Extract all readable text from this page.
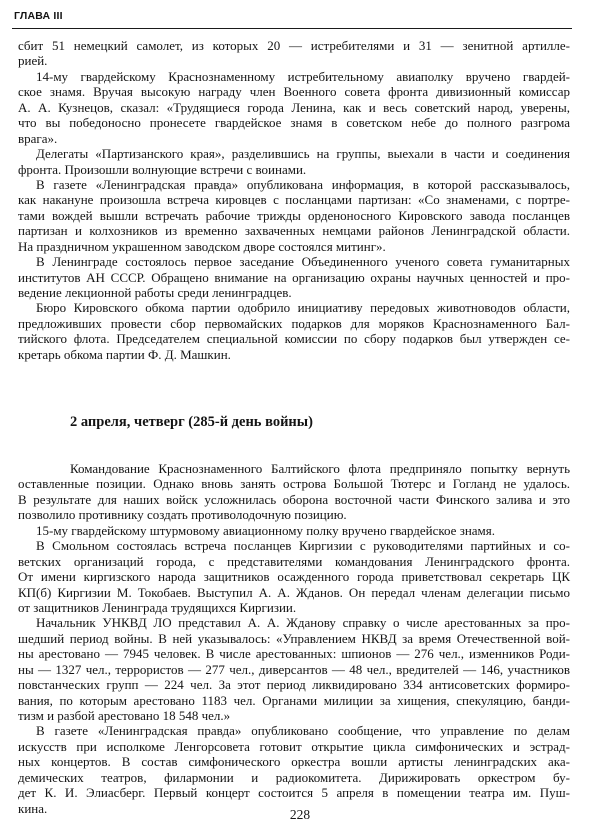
ГЛАВА III
сбит 51 немецкий самолет, из которых 20 — истребителями и 31 — зенитной артилле-
рией.
14-му гвардейскому Краснознаменному истребительному авиаполку вручено гвардей-
ское знамя. Вручая высокую награду член Военного совета фронта дивизионный комиссар
А. А. Кузнецов, сказал: «Трудящиеся города Ленина, как и весь советский народ, уверены,
что вы победоносно пронесете гвардейское знамя в советском небе до полного разгрома
врага».
Делегаты «Партизанского края», разделившись на группы, выехали в части и соединения
фронта. Произошли волнующие встречи с воинами.
В газете «Ленинградская правда» опубликована информация, в которой рассказывалось,
как накануне произошла встреча кировцев с посланцами партизан: «Со знаменами, с портре-
тами вождей вышли встречать рабочие трижды орденоносного Кировского завода посланцев
партизан и колхозников из временно захваченных немцами районов Ленинградской области.
На праздничном украшенном заводском дворе состоялся митинг».
В Ленинграде состоялось первое заседание Объединенного ученого совета гуманитарных
институтов АН СССР. Обращено внимание на организацию охраны научных ценностей и про-
ведение лекционной работы среди ленинградцев.
Бюро Кировского обкома партии одобрило инициативу передовых животноводов области,
предложивших провести сбор первомайских подарков для моряков Краснознаменного Бал-
тийского флота. Председателем специальной комиссии по сбору подарков был утвержден се-
кретарь обкома партии Ф. Д. Машкин.
2 апреля, четверг (285-й день войны)
Командование Краснознаменного Балтийского флота предприняло попытку вернуть
оставленные позиции. Однако вновь занять острова Большой Тютерс и Гогланд не удалось.
В результате для наших войск усложнилась оборона восточной части Финского залива и это
позволило противнику создать противолодочную позицию.
15-му гвардейскому штурмовому авиационному полку вручено гвардейское знамя.
В Смольном состоялась встреча посланцев Киргизии с руководителями партийных и со-
ветских организаций города, с представителями командования Ленинградского фронта.
От имени киргизского народа защитников осажденного города приветствовал секретарь ЦК
КП(б) Киргизии М. Токобаев. Выступил А. А. Жданов. Он передал членам делегации письмо
от защитников Ленинграда трудящихся Киргизии.
Начальник УНКВД ЛО представил А. А. Жданову справку о числе арестованных за про-
шедший период войны. В ней указывалось: «Управлением НКВД за время Отечественной вой-
ны арестовано — 7945 человек. В числе арестованных: шпионов — 276 чел., изменников Роди-
ны — 1327 чел., террористов — 277 чел., диверсантов — 48 чел., вредителей — 146, участников
повстанческих групп — 224 чел. За этот период ликвидировано 334 антисоветских формиро-
вания, по которым арестовано 1183 чел. Органами милиции за хищения, спекуляцию, банди-
тизм и разбой арестовано 18 548 чел.»
В газете «Ленинградская правда» опубликовано сообщение, что управление по делам
искусств при исполкоме Ленгорсовета готовит открытие цикла симфонических и эстрад-
ных концертов. В состав симфонического оркестра вошли артисты ленинградских ака-
демических театров, филармонии и радиокомитета. Дирижировать оркестром бу-
дет К. И. Элиасберг. Первый концерт состоится 5 апреля в помещении театра им. Пуш-
кина.	228
